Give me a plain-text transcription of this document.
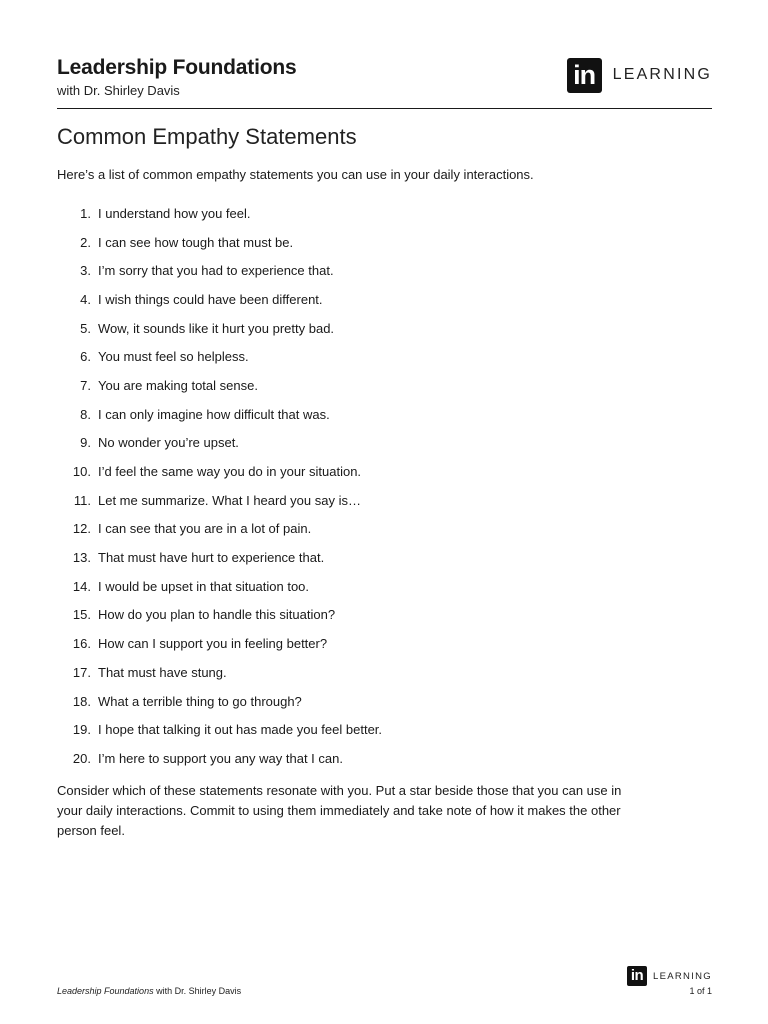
Leadership Foundations
with Dr. Shirley Davis
in	LEARNING
Common Empathy Statements

Here’s a list of common empathy statements you can use in your daily interactions.

1. I understand how you feel.
2. I can see how tough that must be.
3. I’m sorry that you had to experience that.
4. I wish things could have been different.
5. Wow, it sounds like it hurt you pretty bad.
6. You must feel so helpless.
7. You are making total sense.
8. I can only imagine how difficult that was.
9. No wonder you’re upset.
10. I’d feel the same way you do in your situation.
11. Let me summarize. What I heard you say is…
12. I can see that you are in a lot of pain.
13. That must have hurt to experience that.
14. I would be upset in that situation too.
15. How do you plan to handle this situation?
16. How can I support you in feeling better?
17. That must have stung.
18. What a terrible thing to go through?
19. I hope that talking it out has made you feel better.
20. I’m here to support you any way that I can.

Consider which of these statements resonate with you. Put a star beside those that you can use in your daily interactions. Commit to using them immediately and take note of how it makes the other person feel.

Leadership Foundations with Dr. Shirley Davis
in	LEARNING
1 of 1
